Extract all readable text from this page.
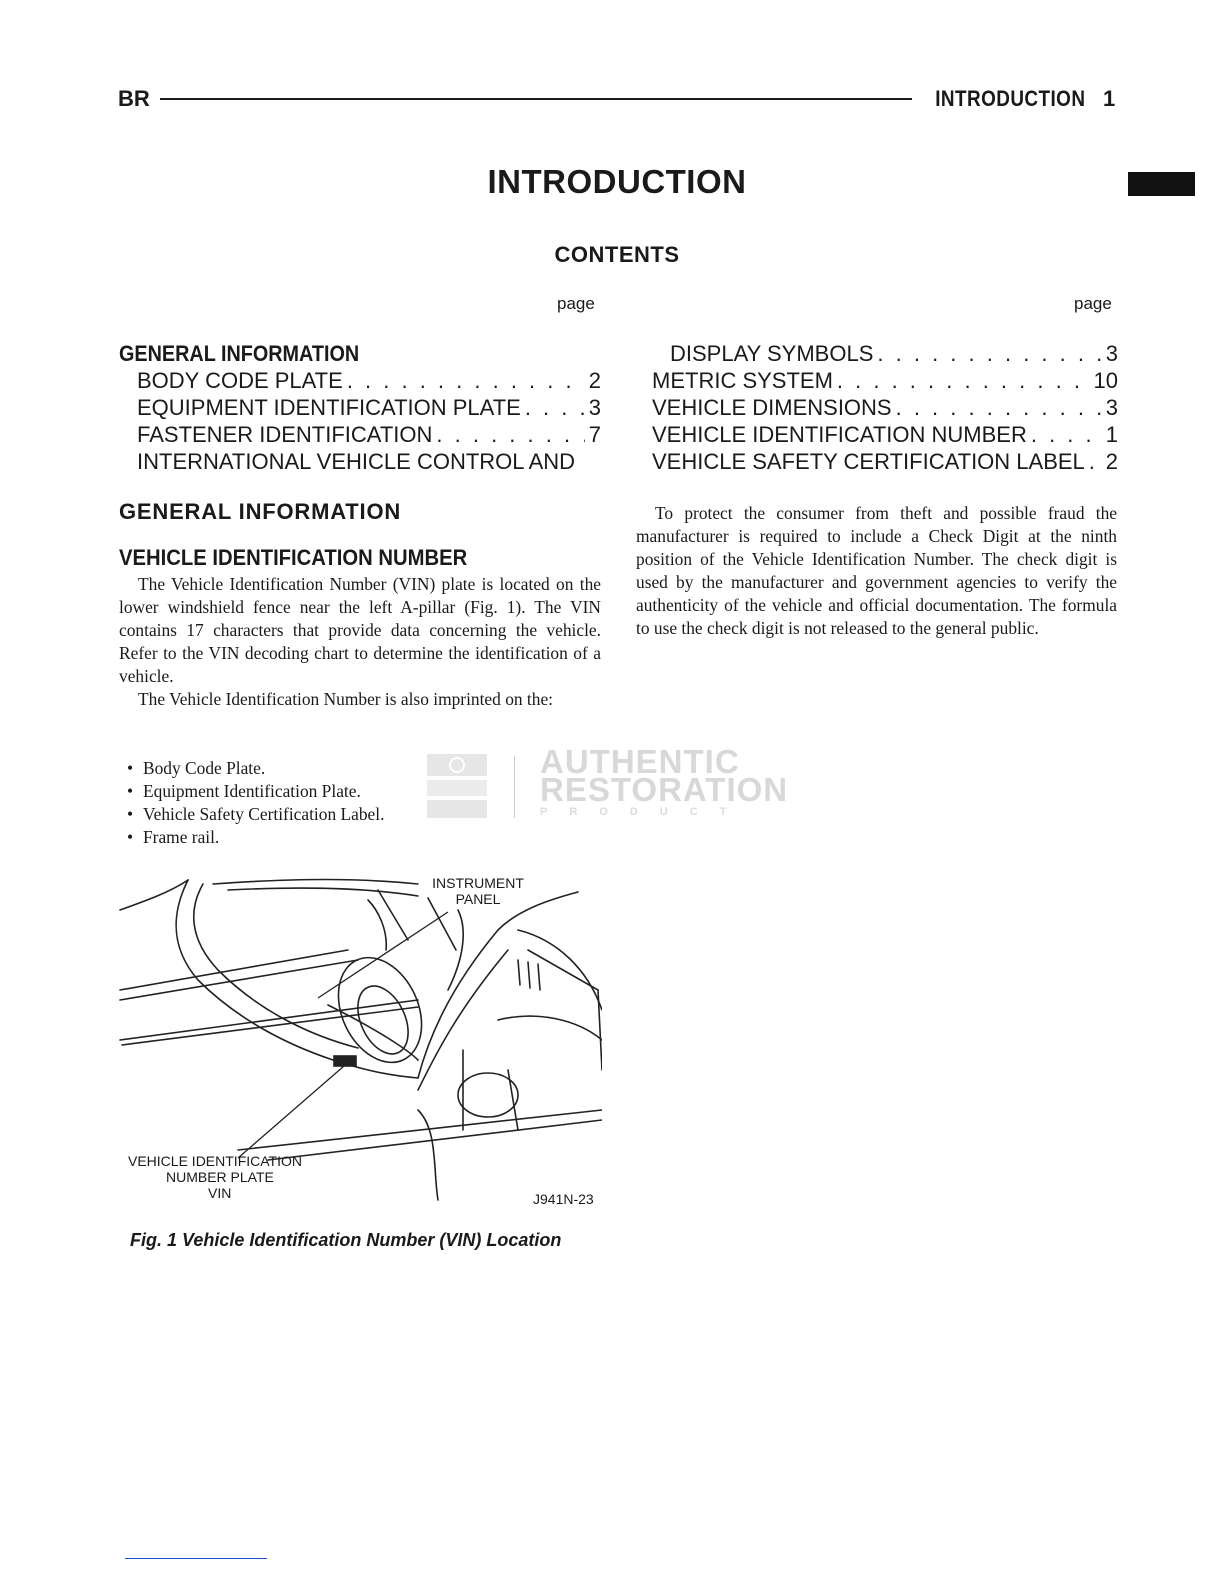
BR	INTRODUCTION 1
INTRODUCTION
CONTENTS
page	page
GENERAL INFORMATION
BODY CODE PLATE . . .	2
EQUIPMENT IDENTIFICATION PLATE . . .	3
FASTENER IDENTIFICATION . . .	7
INTERNATIONAL VEHICLE CONTROL AND
DISPLAY SYMBOLS . . .	3
METRIC SYSTEM . . .	10
VEHICLE DIMENSIONS . . .	3
VEHICLE IDENTIFICATION NUMBER . . .	1
VEHICLE SAFETY CERTIFICATION LABEL . . . 2
GENERAL INFORMATION
VEHICLE IDENTIFICATION NUMBER

The Vehicle Identification Number (VIN) plate is located on the lower windshield fence near the left A-pillar (Fig. 1). The VIN contains 17 characters that provide data concerning the vehicle. Refer to the VIN decoding chart to determine the identification of a vehicle.

The Vehicle Identification Number is also imprinted on the:

• Body Code Plate.
• Equipment Identification Plate.
• Vehicle Safety Certification Label.
• Frame rail.

To protect the consumer from theft and possible fraud the manufacturer is required to include a Check Digit at the ninth position of the Vehicle Identification Number. The check digit is used by the manufacturer and government agencies to verify the authenticity of the vehicle and official documentation. The formula to use the check digit is not released to the general public.

AUTHENTIC
RESTORATION
PRODUCT
INSTRUMENT
PANEL
VEHICLE IDENTIFICATION
NUMBER PLATE
VIN	J941N-23
Fig. 1 Vehicle Identification Number (VIN) Location
